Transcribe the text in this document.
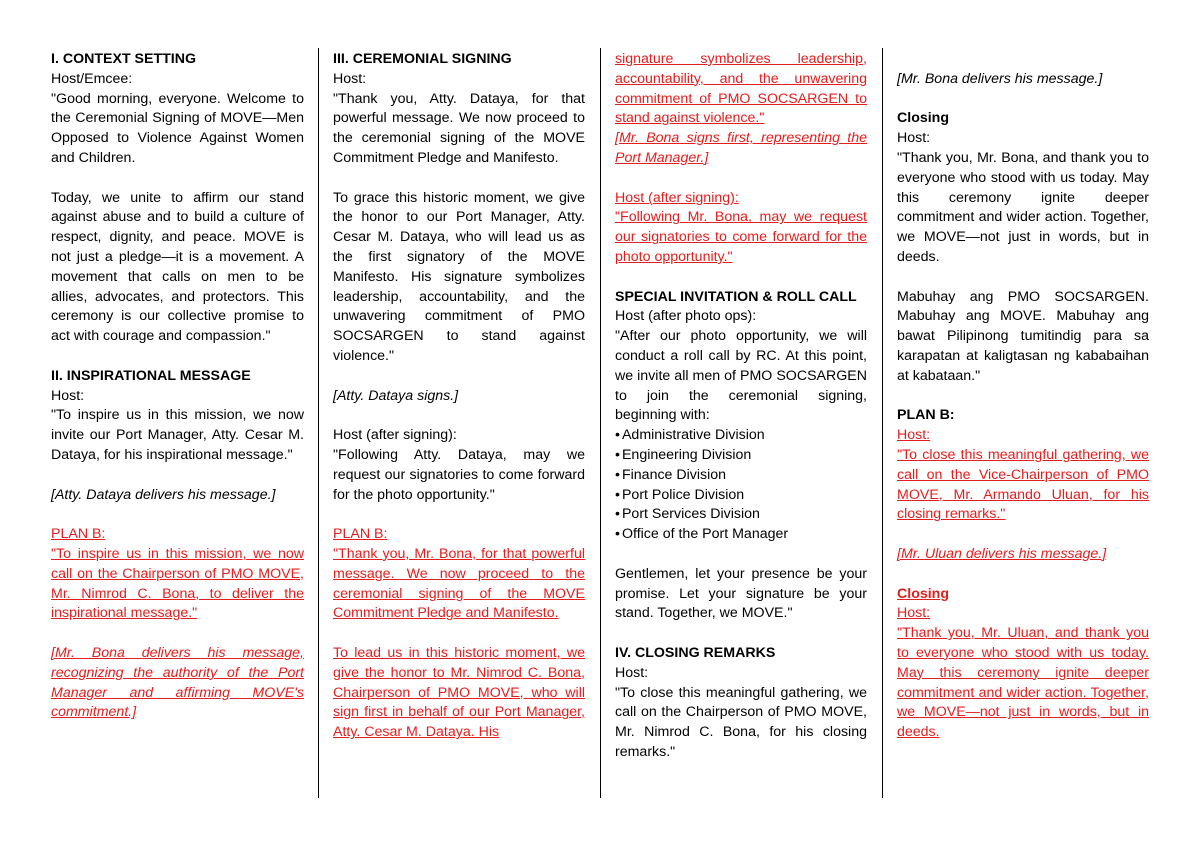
I. CONTEXT SETTING

Host/Emcee:

"Good morning, everyone. Welcome to the Ceremonial Signing of MOVE—Men Opposed to Violence Against Women and Children.

Today, we unite to affirm our stand against abuse and to build a culture of respect, dignity, and peace. MOVE is not just a pledge—it is a movement. A movement that calls on men to be allies, advocates, and protectors. This ceremony is our collective promise to act with courage and compassion."

II. INSPIRATIONAL MESSAGE

Host:

"To inspire us in this mission, we now invite our Port Manager, Atty. Cesar M. Dataya, for his inspirational message."

[Atty. Dataya delivers his message.]

PLAN B:

"To inspire us in this mission, we now call on the Chairperson of PMO MOVE, Mr. Nimrod C. Bona, to deliver the inspirational message."

[Mr. Bona delivers his message, recognizing the authority of the Port Manager and affirming MOVE's commitment.]

III. CEREMONIAL SIGNING

Host:

"Thank you, Atty. Dataya, for that powerful message. We now proceed to the ceremonial signing of the MOVE Commitment Pledge and Manifesto.

To grace this historic moment, we give the honor to our Port Manager, Atty. Cesar M. Dataya, who will lead us as the first signatory of the MOVE Manifesto. His signature symbolizes leadership, accountability, and the unwavering commitment of PMO SOCSARGEN to stand against violence."

[Atty. Dataya signs.]

Host (after signing):

"Following Atty. Dataya, may we request our signatories to come forward for the photo opportunity."

PLAN B:

"Thank you, Mr. Bona, for that powerful message. We now proceed to the ceremonial signing of the MOVE Commitment Pledge and Manifesto.

To lead us in this historic moment, we give the honor to Mr. Nimrod C. Bona, Chairperson of PMO MOVE, who will sign first in behalf of our Port Manager, Atty. Cesar M. Dataya. His

signature symbolizes leadership, accountability, and the unwavering commitment of PMO SOCSARGEN to stand against violence."

[Mr. Bona signs first, representing the Port Manager.]

Host (after signing):

"Following Mr. Bona, may we request our signatories to come forward for the photo opportunity."

SPECIAL INVITATION & ROLL CALL

Host (after photo ops):

"After our photo opportunity, we will conduct a roll call by RC. At this point, we invite all men of PMO SOCSARGEN to join the ceremonial signing, beginning with:

• Administrative Division

• Engineering Division

• Finance Division

• Port Police Division

• Port Services Division

• Office of the Port Manager

Gentlemen, let your presence be your promise. Let your signature be your stand. Together, we MOVE."

IV. CLOSING REMARKS

Host:

"To close this meaningful gathering, we call on the Chairperson of PMO MOVE, Mr. Nimrod C. Bona, for his closing remarks."

[Mr. Bona delivers his message.]

Closing

Host:

"Thank you, Mr. Bona, and thank you to everyone who stood with us today. May this ceremony ignite deeper commitment and wider action. Together, we MOVE—not just in words, but in deeds.

Mabuhay ang PMO SOCSARGEN. Mabuhay ang MOVE. Mabuhay ang bawat Pilipinong tumitindig para sa karapatan at kaligtasan ng kababaihan at kabataan."

PLAN B:

Host:

"To close this meaningful gathering, we call on the Vice-Chairperson of PMO MOVE, Mr. Armando Uluan, for his closing remarks."

[Mr. Uluan delivers his message.]

Closing

Host:

"Thank you, Mr. Uluan, and thank you to everyone who stood with us today. May this ceremony ignite deeper commitment and wider action. Together, we MOVE—not just in words, but in deeds.
